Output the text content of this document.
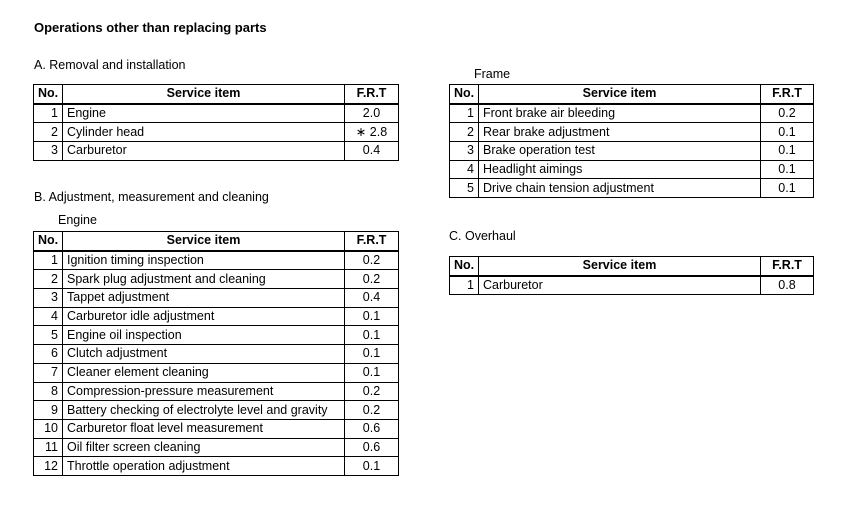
Operations other than replacing parts
A. Removal and installation
No.	Service item	F.R.T
1	Engine	2.0
2	Cylinder head	∗ 2.8
3	Carburetor	0.4
Frame
No.	Service item	F.R.T
1	Front brake air bleeding	0.2
2	Rear brake adjustment	0.1
3	Brake operation test	0.1
4	Headlight aimings	0.1
5	Drive chain tension adjustment	0.1
B. Adjustment, measurement and cleaning
Engine
No.	Service item	F.R.T
1	Ignition timing inspection	0.2
2	Spark plug adjustment and cleaning	0.2
3	Tappet adjustment	0.4
4	Carburetor idle adjustment	0.1
5	Engine oil inspection	0.1
6	Clutch adjustment	0.1
7	Cleaner element cleaning	0.1
8	Compression-pressure measurement	0.2
9	Battery checking of electrolyte level and gravity	0.2
10	Carburetor float level measurement	0.6
11	Oil filter screen cleaning	0.6
12	Throttle operation adjustment	0.1
C. Overhaul
No.	Service item	F.R.T
1	Carburetor	0.8
